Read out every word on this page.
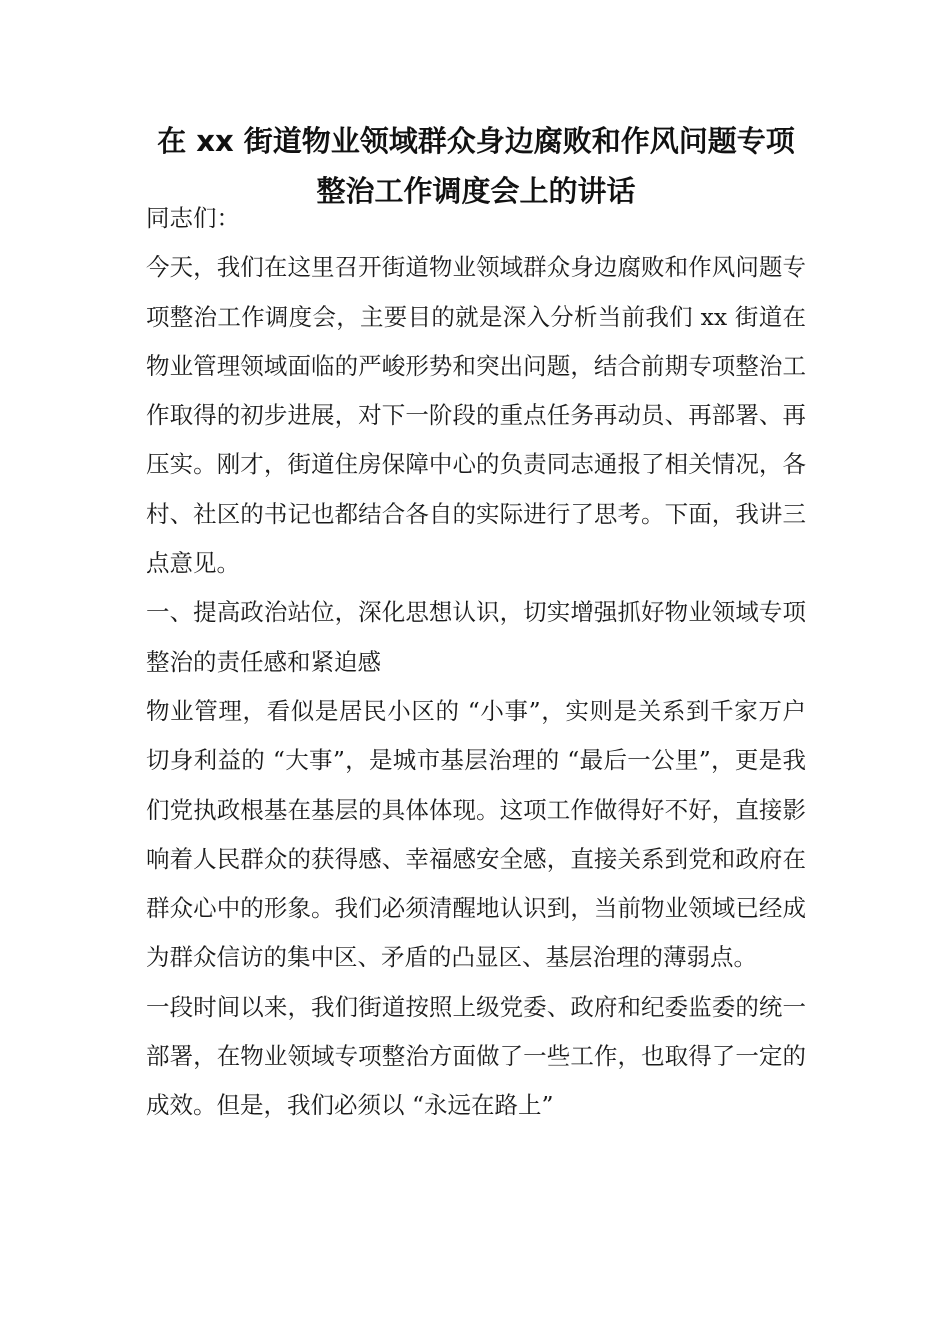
在 xx 街道物业领域群众身边腐败和作风问题专项整治工作调度会上的讲话

同志们：

今天，我们在这里召开街道物业领域群众身边腐败和作风问题专项整治工作调度会，主要目的就是深入分析当前我们 xx 街道在物业管理领域面临的严峻形势和突出问题，结合前期专项整治工作取得的初步进展，对下一阶段的重点任务再动员、再部署、再压实。刚才，街道住房保障中心的负责同志通报了相关情况，各村、社区的书记也都结合各自的实际进行了思考。下面，我讲三点意见。

一、提高政治站位，深化思想认识，切实增强抓好物业领域专项整治的责任感和紧迫感

物业管理，看似是居民小区的 “小事”，实则是关系到千家万户切身利益的 “大事”，是城市基层治理的 “最后一公里”，更是我们党执政根基在基层的具体体现。这项工作做得好不好，直接影响着人民群众的获得感、幸福感安全感，直接关系到党和政府在群众心中的形象。我们必须清醒地认识到，当前物业领域已经成为群众信访的集中区、矛盾的凸显区、基层治理的薄弱点。

一段时间以来，我们街道按照上级党委、政府和纪委监委的统一部署，在物业领域专项整治方面做了一些工作，也取得了一定的成效。但是，我们必须以 “永远在路上”
